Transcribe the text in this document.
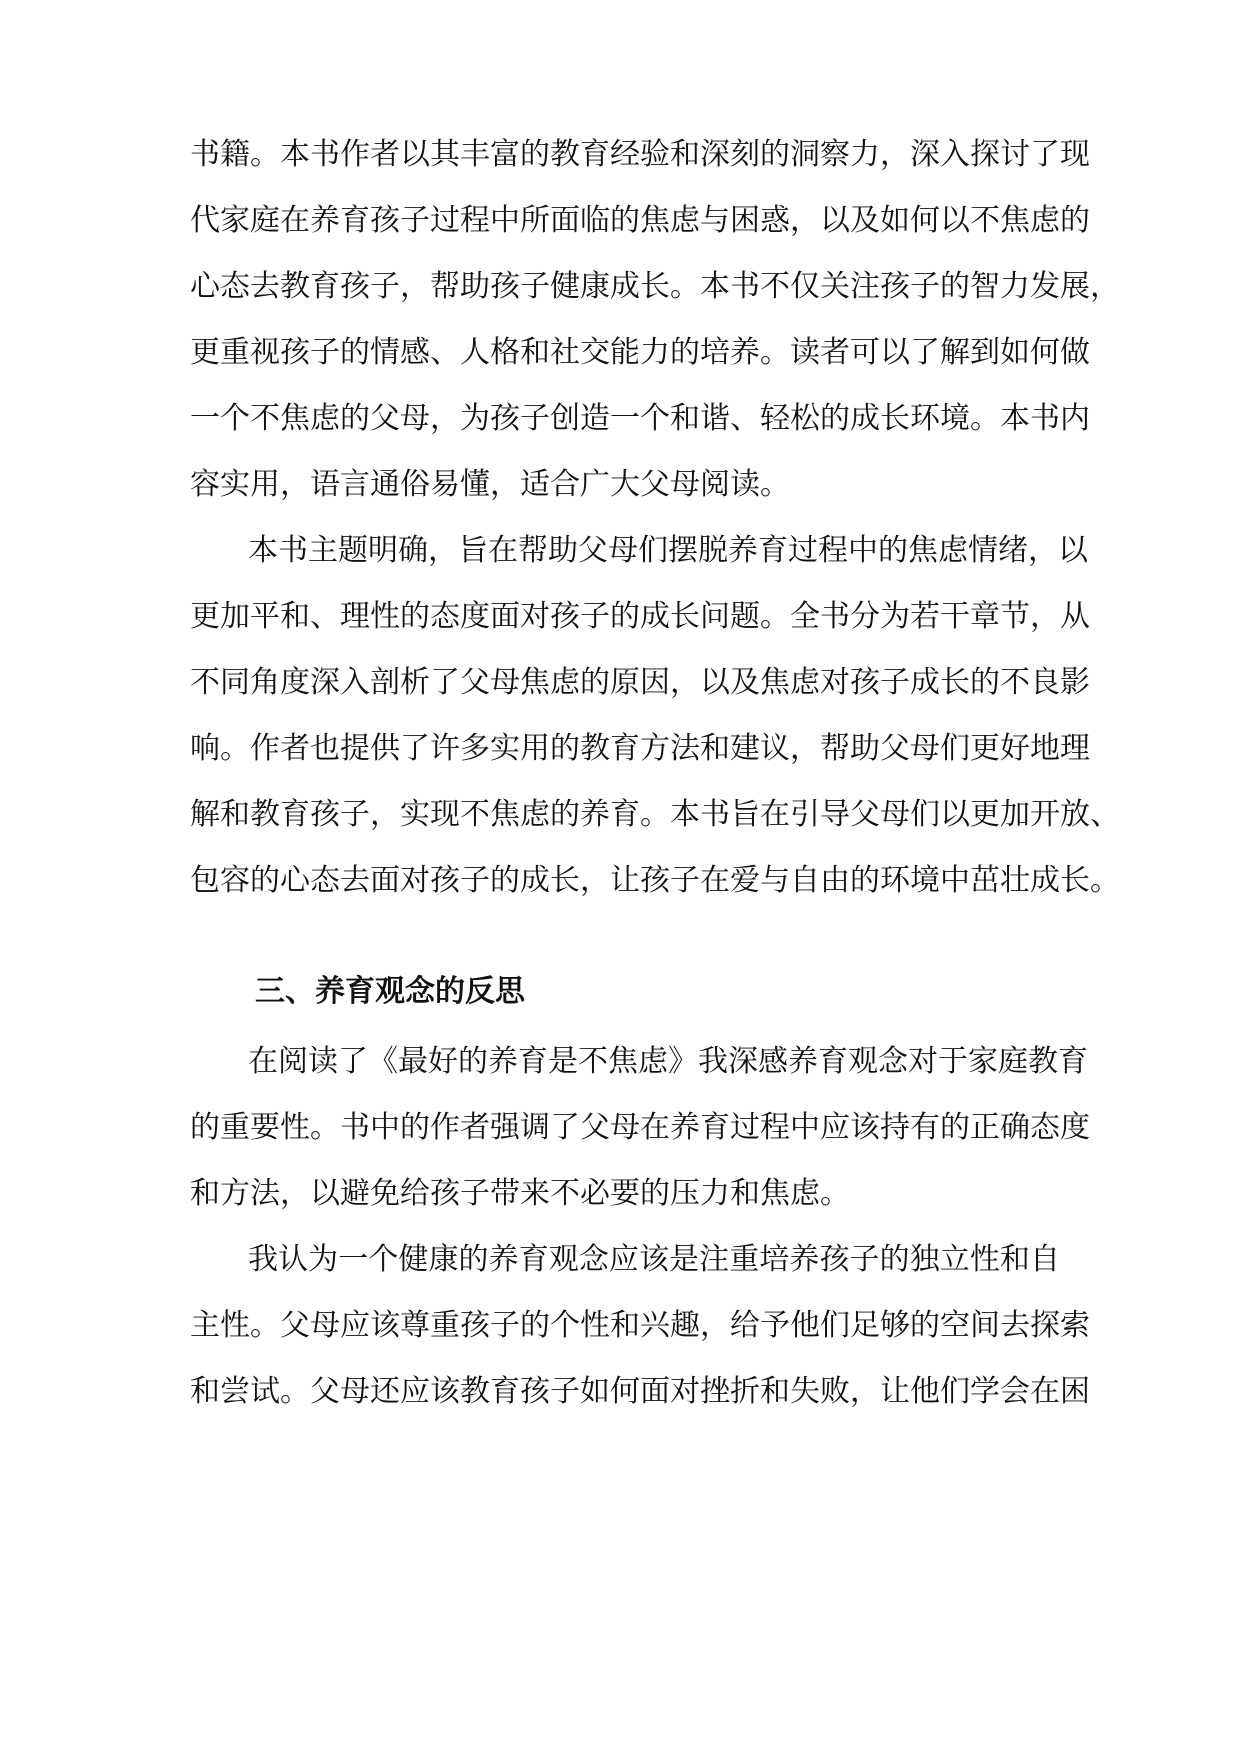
书籍。本书作者以其丰富的教育经验和深刻的洞察力，深入探讨了现
代家庭在养育孩子过程中所面临的焦虑与困惑，以及如何以不焦虑的
心态去教育孩子，帮助孩子健康成长。本书不仅关注孩子的智力发展，
更重视孩子的情感、人格和社交能力的培养。读者可以了解到如何做
一个不焦虑的父母，为孩子创造一个和谐、轻松的成长环境。本书内
容实用，语言通俗易懂，适合广大父母阅读。
本书主题明确，旨在帮助父母们摆脱养育过程中的焦虑情绪，以
更加平和、理性的态度面对孩子的成长问题。全书分为若干章节，从
不同角度深入剖析了父母焦虑的原因，以及焦虑对孩子成长的不良影
响。作者也提供了许多实用的教育方法和建议，帮助父母们更好地理
解和教育孩子，实现不焦虑的养育。本书旨在引导父母们以更加开放、
包容的心态去面对孩子的成长，让孩子在爱与自由的环境中茁壮成长。
三、养育观念的反思
在阅读了《最好的养育是不焦虑》我深感养育观念对于家庭教育
的重要性。书中的作者强调了父母在养育过程中应该持有的正确态度
和方法，以避免给孩子带来不必要的压力和焦虑。
我认为一个健康的养育观念应该是注重培养孩子的独立性和自
主性。父母应该尊重孩子的个性和兴趣，给予他们足够的空间去探索
和尝试。父母还应该教育孩子如何面对挫折和失败，让他们学会在困
